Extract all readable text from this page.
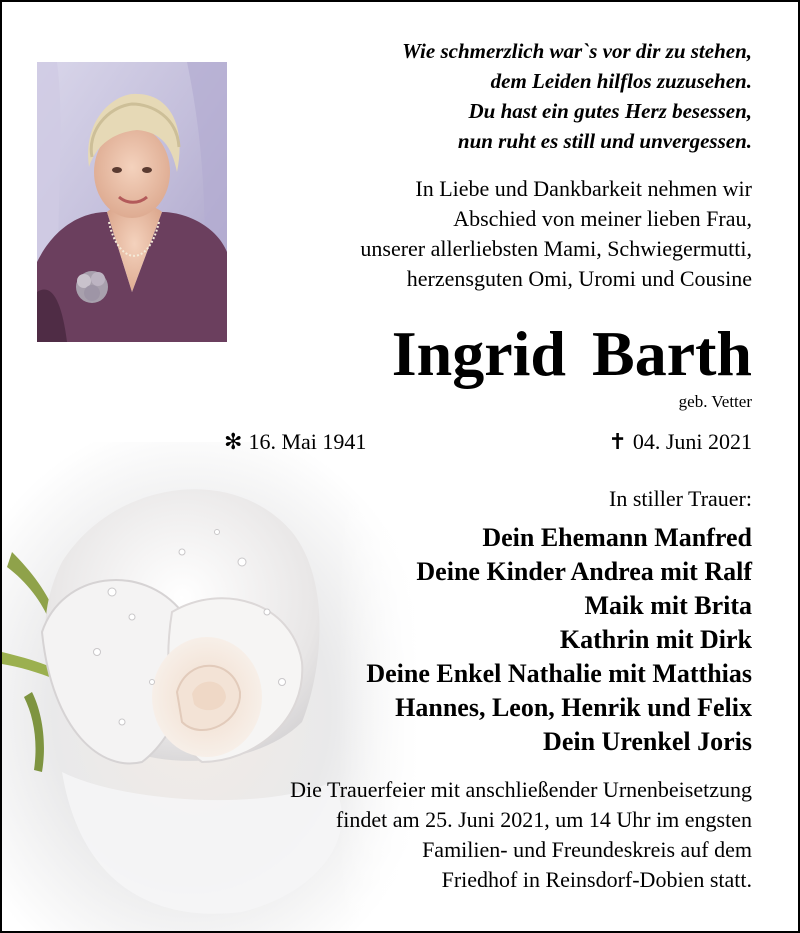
Wie schmerzlich war`s vor dir zu stehen,
dem Leiden hilflos zuzusehen.
Du hast ein gutes Herz besessen,
nun ruht es still und unvergessen.
In Liebe und Dankbarkeit nehmen wir
Abschied von meiner lieben Frau,
unserer allerliebsten Mami, Schwiegermutti,
herzensguten Omi, Uromi und Cousine
Ingrid Barth
geb. Vetter
✻ 16. Mai 1941	✝ 04. Juni 2021
In stiller Trauer:
Dein Ehemann Manfred
Deine Kinder Andrea mit Ralf
Maik mit Brita
Kathrin mit Dirk
Deine Enkel Nathalie mit Matthias
Hannes, Leon, Henrik und Felix
Dein Urenkel Joris
Die Trauerfeier mit anschließender Urnenbeisetzung
findet am 25. Juni 2021, um 14 Uhr im engsten
Familien- und Freundeskreis auf dem
Friedhof in Reinsdorf-Dobien statt.
